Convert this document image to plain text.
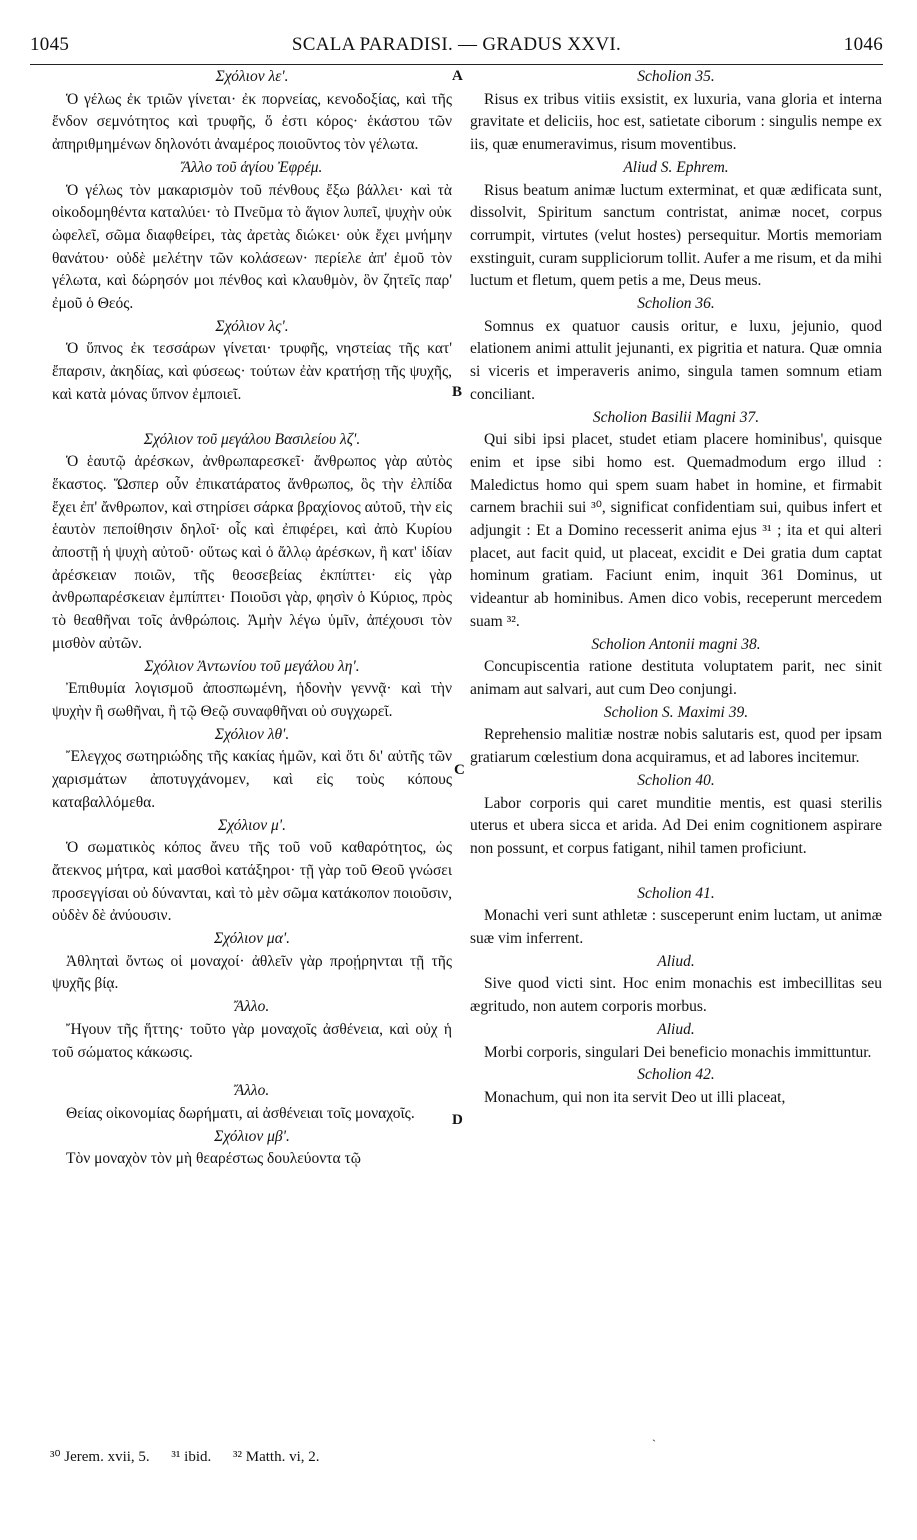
1045	SCALA PARADISI. — GRADUS XXVI.	1046

Σχόλιον λε'.

Ὁ γέλως ἐκ τριῶν γίνεται· ἐκ πορνείας, κενοδοξίας, καὶ τῆς ἔνδον σεμνότητος καὶ τρυφῆς, ὅ ἐστι κόρος· ἑκάστου τῶν ἀπηριθμημένων δηλονότι ἀναμέρος ποιοῦντος τὸν γέλωτα.

Ἄλλο τοῦ ἁγίου Ἐφρέμ.

Ὁ γέλως τὸν μακαρισμὸν τοῦ πένθους ἔξω βάλλει· καὶ τὰ οἰκοδομηθέντα καταλύει· τὸ Πνεῦμα τὸ ἅγιον λυπεῖ, ψυχὴν οὐκ ὠφελεῖ, σῶμα διαφθείρει, τὰς ἀρετὰς διώκει· οὐκ ἔχει μνήμην θανάτου· οὐδὲ μελέτην τῶν κολάσεων· περίελε ἀπ' ἐμοῦ τὸν γέλωτα, καὶ δώρησόν μοι πένθος καὶ κλαυθμὸν, ὃν ζητεῖς παρ' ἐμοῦ ὁ Θεός.

Σχόλιον λς'.

Ὁ ὕπνος ἐκ τεσσάρων γίνεται· τρυφῆς, νηστείας τῆς κατ' ἔπαρσιν, ἀκηδίας, καὶ φύσεως· τούτων ἐὰν κρατήσῃ τῆς ψυχῆς, καὶ κατὰ μόνας ὕπνον ἐμποιεῖ.

Σχόλιον τοῦ μεγάλου Βασιλείου λζ'.

Ὁ ἑαυτῷ ἀρέσκων, ἀνθρωπαρεσκεῖ· ἄνθρωπος γὰρ αὐτὸς ἕκαστος. Ὥσπερ οὖν ἐπικατάρατος ἄνθρωπος, ὃς τὴν ἐλπίδα ἔχει ἐπ' ἄνθρωπον, καὶ στηρίσει σάρκα βραχίονος αὐτοῦ, τὴν εἰς ἑαυτὸν πεποίθησιν δηλοῖ· οἷς καὶ ἐπιφέρει, καὶ ἀπὸ Κυρίου ἀποστῇ ἡ ψυχὴ αὐτοῦ· οὕτως καὶ ὁ ἄλλῳ ἀρέσκων, ἢ κατ' ἰδίαν ἀρέσκειαν ποιῶν, τῆς θεοσεβείας ἐκπίπτει· εἰς γὰρ ἀνθρωπαρέσκειαν ἐμπίπτει· Ποιοῦσι γὰρ, φησὶν ὁ Κύριος, πρὸς τὸ θεαθῆναι τοῖς ἀνθρώποις. Ἀμὴν λέγω ὑμῖν, ἀπέχουσι τὸν μισθὸν αὐτῶν.

Σχόλιον Ἀντωνίου τοῦ μεγάλου λη'.

Ἐπιθυμία λογισμοῦ ἀποσπωμένη, ἡδονὴν γεννᾷ· καὶ τὴν ψυχὴν ἢ σωθῆναι, ἢ τῷ Θεῷ συναφθῆναι οὐ συγχωρεῖ.

Σχόλιον λθ'.

Ἔλεγχος σωτηριώδης τῆς κακίας ἡμῶν, καὶ ὅτι δι' αὐτῆς τῶν χαρισμάτων ἀποτυγχάνομεν, καὶ εἰς τοὺς κόπους καταβαλλόμεθα.

Σχόλιον μ'.

Ὁ σωματικὸς κόπος ἄνευ τῆς τοῦ νοῦ καθαρότητος, ὡς ἄτεκνος μήτρα, καὶ μασθοὶ κατάξηροι· τῇ γὰρ τοῦ Θεοῦ γνώσει προσεγγίσαι οὐ δύνανται, καὶ τὸ μὲν σῶμα κατάκοπον ποιοῦσιν, οὐδὲν δὲ ἀνύουσιν.

Σχόλιον μα'.

Ἀθληταὶ ὄντως οἱ μοναχοί· ἀθλεῖν γὰρ προῄρηνται τῇ τῆς ψυχῆς βίᾳ.

Ἄλλο.

Ἤγουν τῆς ἥττης· τοῦτο γὰρ μοναχοῖς ἀσθένεια, καὶ οὐχ ἡ τοῦ σώματος κάκωσις.

Ἄλλο.

Θείας οἰκονομίας δωρήματι, αἱ ἀσθένειαι τοῖς μοναχοῖς.

Σχόλιον μβ'.

Τὸν μοναχὸν τὸν μὴ θεαρέστως δουλεύοντα τῷ

Scholion 35.

Risus ex tribus vitiis exsistit, ex luxuria, vana gloria et interna gravitate et deliciis, hoc est, satietate ciborum : singulis nempe ex iis, quæ enumeravimus, risum moventibus.

Aliud S. Ephrem.

Risus beatum animæ luctum exterminat, et quæ ædificata sunt, dissolvit, Spiritum sanctum contristat, animæ nocet, corpus corrumpit, virtutes (velut hostes) persequitur. Mortis memoriam exstinguit, curam suppliciorum tollit. Aufer a me risum, et da mihi luctum et fletum, quem petis a me, Deus meus.

Scholion 36.

Somnus ex quatuor causis oritur, e luxu, jejunio, quod elationem animi attulit jejunanti, ex pigritia et natura. Quæ omnia si viceris et imperaveris animo, singula tamen somnum etiam conciliant.

Scholion Basilii Magni 37.

Qui sibi ipsi placet, studet etiam placere hominibus', quisque enim et ipse sibi homo est. Quemadmodum ergo illud : Maledictus homo qui spem suam habet in homine, et firmabit carnem brachii sui ³⁰, significat confidentiam sui, quibus infert et adjungit : Et a Domino recesserit anima ejus ³¹ ; ita et qui alteri placet, aut facit quid, ut placeat, excidit e Dei gratia dum captat hominum gratiam. Faciunt enim, inquit 361 Dominus, ut videantur ab hominibus. Amen dico vobis, receperunt mercedem suam ³².

Scholion Antonii magni 38.

Concupiscentia ratione destituta voluptatem parit, nec sinit animam aut salvari, aut cum Deo conjungi.

Scholion S. Maximi 39.

Reprehensio malitiæ nostræ nobis salutaris est, quod per ipsam gratiarum cœlestium dona acquiramus, et ad labores incitemur.

Scholion 40.

Labor corporis qui caret munditie mentis, est quasi sterilis uterus et ubera sicca et arida. Ad Dei enim cognitionem aspirare non possunt, et corpus fatigant, nihil tamen proficiunt.

Scholion 41.

Monachi veri sunt athletæ : susceperunt enim luctam, ut animæ suæ vim inferrent.

Aliud.

Sive quod victi sint. Hoc enim monachis est imbecillitas seu ægritudo, non autem corporis morbus.

Aliud.

Morbi corporis, singulari Dei beneficio monachis immittuntur.

Scholion 42.

Monachum, qui non ita servit Deo ut illi placeat,

A
B
C
D
ˏ
³⁰ Jerem. xvii, 5. ³¹ ibid. ³² Matth. vi, 2.
